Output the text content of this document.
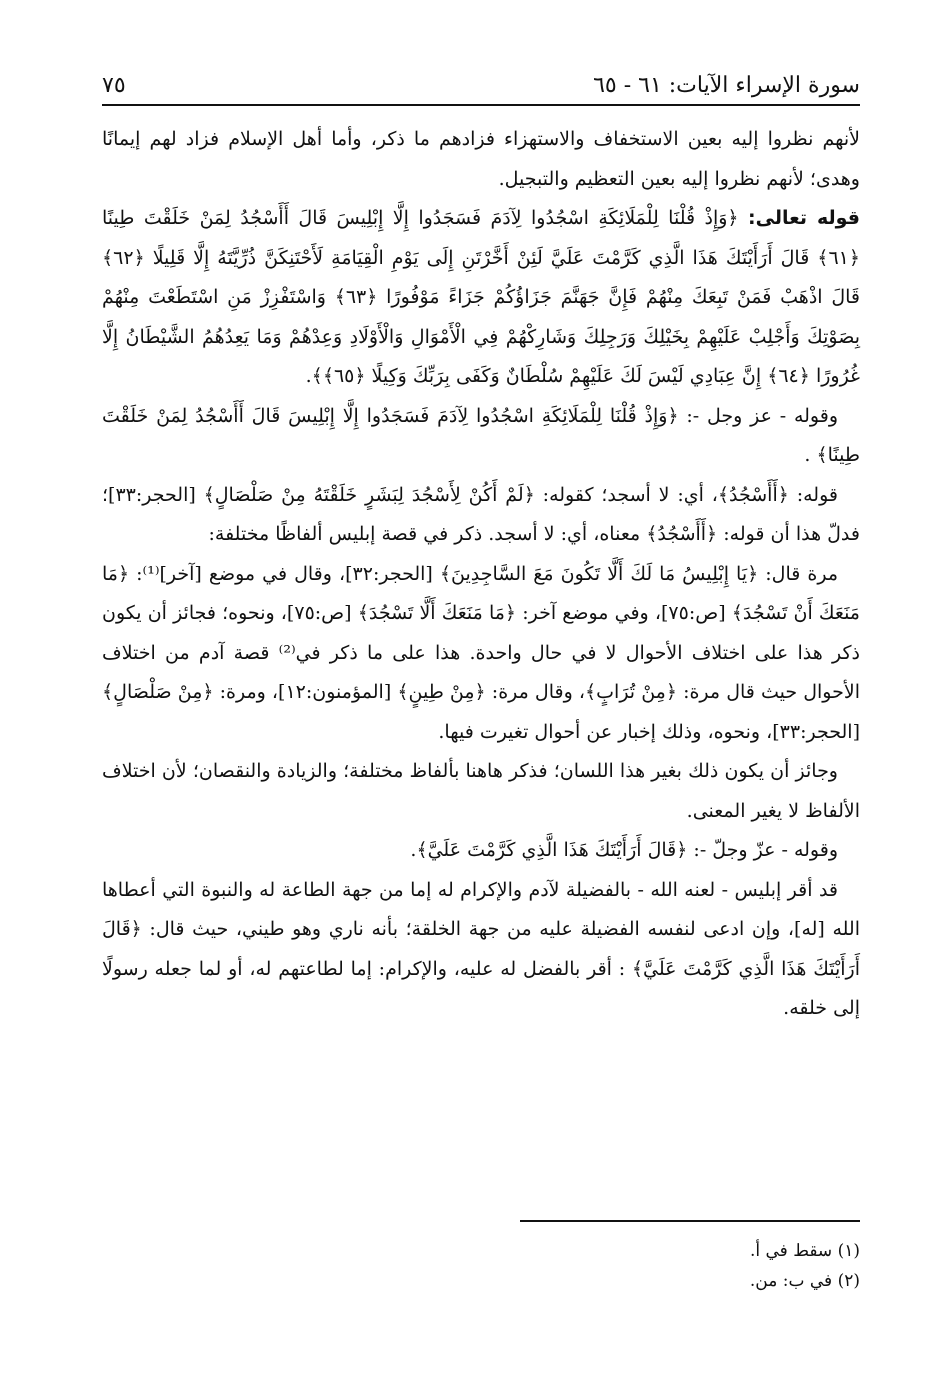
سورة الإسراء الآيات: ٦١ - ٦٥
٧٥

لأنهم نظروا إليه بعين الاستخفاف والاستهزاء فزادهم ما ذكر، وأما أهل الإسلام فزاد لهم إيمانًا وهدى؛ لأنهم نظروا إليه بعين التعظيم والتبجيل.

قوله تعالى: ﴿وَإِذْ قُلْنَا لِلْمَلَائِكَةِ اسْجُدُوا لِآدَمَ فَسَجَدُوا إِلَّا إِبْلِيسَ قَالَ أَأَسْجُدُ لِمَنْ خَلَقْتَ طِينًا ﴿٦١﴾ قَالَ أَرَأَيْتَكَ هَذَا الَّذِي كَرَّمْتَ عَلَيَّ لَئِنْ أَخَّرْتَنِ إِلَى يَوْمِ الْقِيَامَةِ لَأَحْتَنِكَنَّ ذُرِّيَّتَهُ إِلَّا قَلِيلًا ﴿٦٢﴾ قَالَ اذْهَبْ فَمَنْ تَبِعَكَ مِنْهُمْ فَإِنَّ جَهَنَّمَ جَزَاؤُكُمْ جَزَاءً مَوْفُورًا ﴿٦٣﴾ وَاسْتَفْزِزْ مَنِ اسْتَطَعْتَ مِنْهُمْ بِصَوْتِكَ وَأَجْلِبْ عَلَيْهِمْ بِخَيْلِكَ وَرَجِلِكَ وَشَارِكْهُمْ فِي الْأَمْوَالِ وَالْأَوْلَادِ وَعِدْهُمْ وَمَا يَعِدُهُمُ الشَّيْطَانُ إِلَّا غُرُورًا ﴿٦٤﴾ إِنَّ عِبَادِي لَيْسَ لَكَ عَلَيْهِمْ سُلْطَانٌ وَكَفَى بِرَبِّكَ وَكِيلًا ﴿٦٥﴾﴾.

وقوله - عز وجل -: ﴿وَإِذْ قُلْنَا لِلْمَلَائِكَةِ اسْجُدُوا لِآدَمَ فَسَجَدُوا إِلَّا إِبْلِيسَ قَالَ أَأَسْجُدُ لِمَنْ خَلَقْتَ طِينًا﴾ .

قوله: ﴿أَأَسْجُدُ﴾، أي: لا أسجد؛ كقوله: ﴿لَمْ أَكُنْ لِأَسْجُدَ لِبَشَرٍ خَلَقْتَهُ مِنْ صَلْصَالٍ﴾ [الحجر:٣٣]؛ فدلّ هذا أن قوله: ﴿أَأَسْجُدُ﴾ معناه، أي: لا أسجد. ذكر في قصة إبليس ألفاظًا مختلفة:

مرة قال: ﴿يَا إِبْلِيسُ مَا لَكَ أَلَّا تَكُونَ مَعَ السَّاجِدِينَ﴾ [الحجر:٣٢]، وقال في موضع [آخر]⁽¹⁾: ﴿مَا مَنَعَكَ أَنْ تَسْجُدَ﴾ [ص:٧٥]، وفي موضع آخر: ﴿مَا مَنَعَكَ أَلَّا تَسْجُدَ﴾ [ص:٧٥]، ونحوه؛ فجائز أن يكون ذكر هذا على اختلاف الأحوال لا في حال واحدة. هذا على ما ذكر في⁽²⁾ قصة آدم من اختلاف الأحوال حيث قال مرة: ﴿مِنْ تُرَابٍ﴾، وقال مرة: ﴿مِنْ طِينٍ﴾ [المؤمنون:١٢]، ومرة: ﴿مِنْ صَلْصَالٍ﴾ [الحجر:٣٣]، ونحوه، وذلك إخبار عن أحوال تغيرت فيها.

وجائز أن يكون ذلك بغير هذا اللسان؛ فذكر هاهنا بألفاظ مختلفة؛ والزيادة والنقصان؛ لأن اختلاف الألفاظ لا يغير المعنى.

وقوله - عزّ وجلّ -: ﴿قَالَ أَرَأَيْتَكَ هَذَا الَّذِي كَرَّمْتَ عَلَيَّ﴾.

قد أقر إبليس - لعنه الله - بالفضيلة لآدم والإكرام له إما من جهة الطاعة له والنبوة التي أعطاها الله [له]، وإن ادعى لنفسه الفضيلة عليه من جهة الخلقة؛ بأنه ناري وهو طيني، حيث قال: ﴿قَالَ أَرَأَيْتَكَ هَذَا الَّذِي كَرَّمْتَ عَلَيَّ﴾ : أقر بالفضل له عليه، والإكرام: إما لطاعتهم له، أو لما جعله رسولًا إلى خلقه.

(١) سقط في أ.
(٢) في ب: من.
